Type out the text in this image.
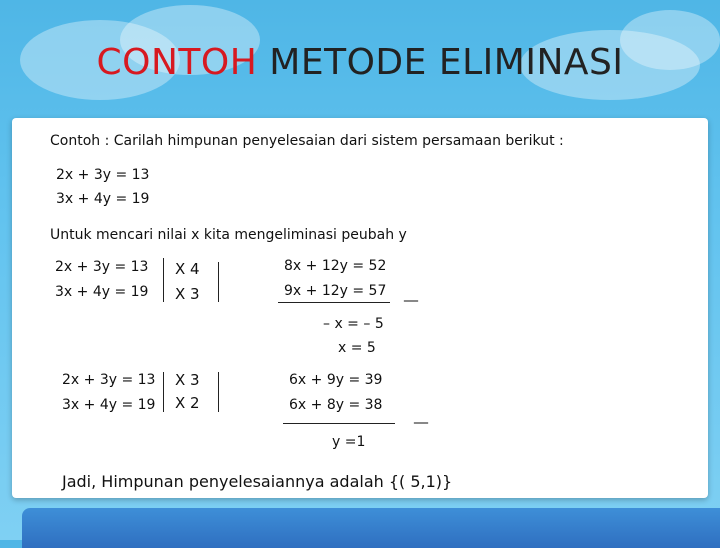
CONTOH METODE ELIMINASI
Contoh : Carilah himpunan penyelesaian dari sistem persamaan berikut :
2x + 3y = 13
3x + 4y = 19
Untuk mencari nilai x kita mengeliminasi peubah y
2x + 3y = 13
3x + 4y = 19
X 4
X 3
8x + 12y = 52
9x + 12y = 57 __
– x = – 5
x = 5
2x + 3y = 13
3x + 4y = 19
X 3
X 2
6x + 9y = 39
6x + 8y = 38
__
y =1
Jadi, Himpunan penyelesaiannya adalah {( 5,1)}
